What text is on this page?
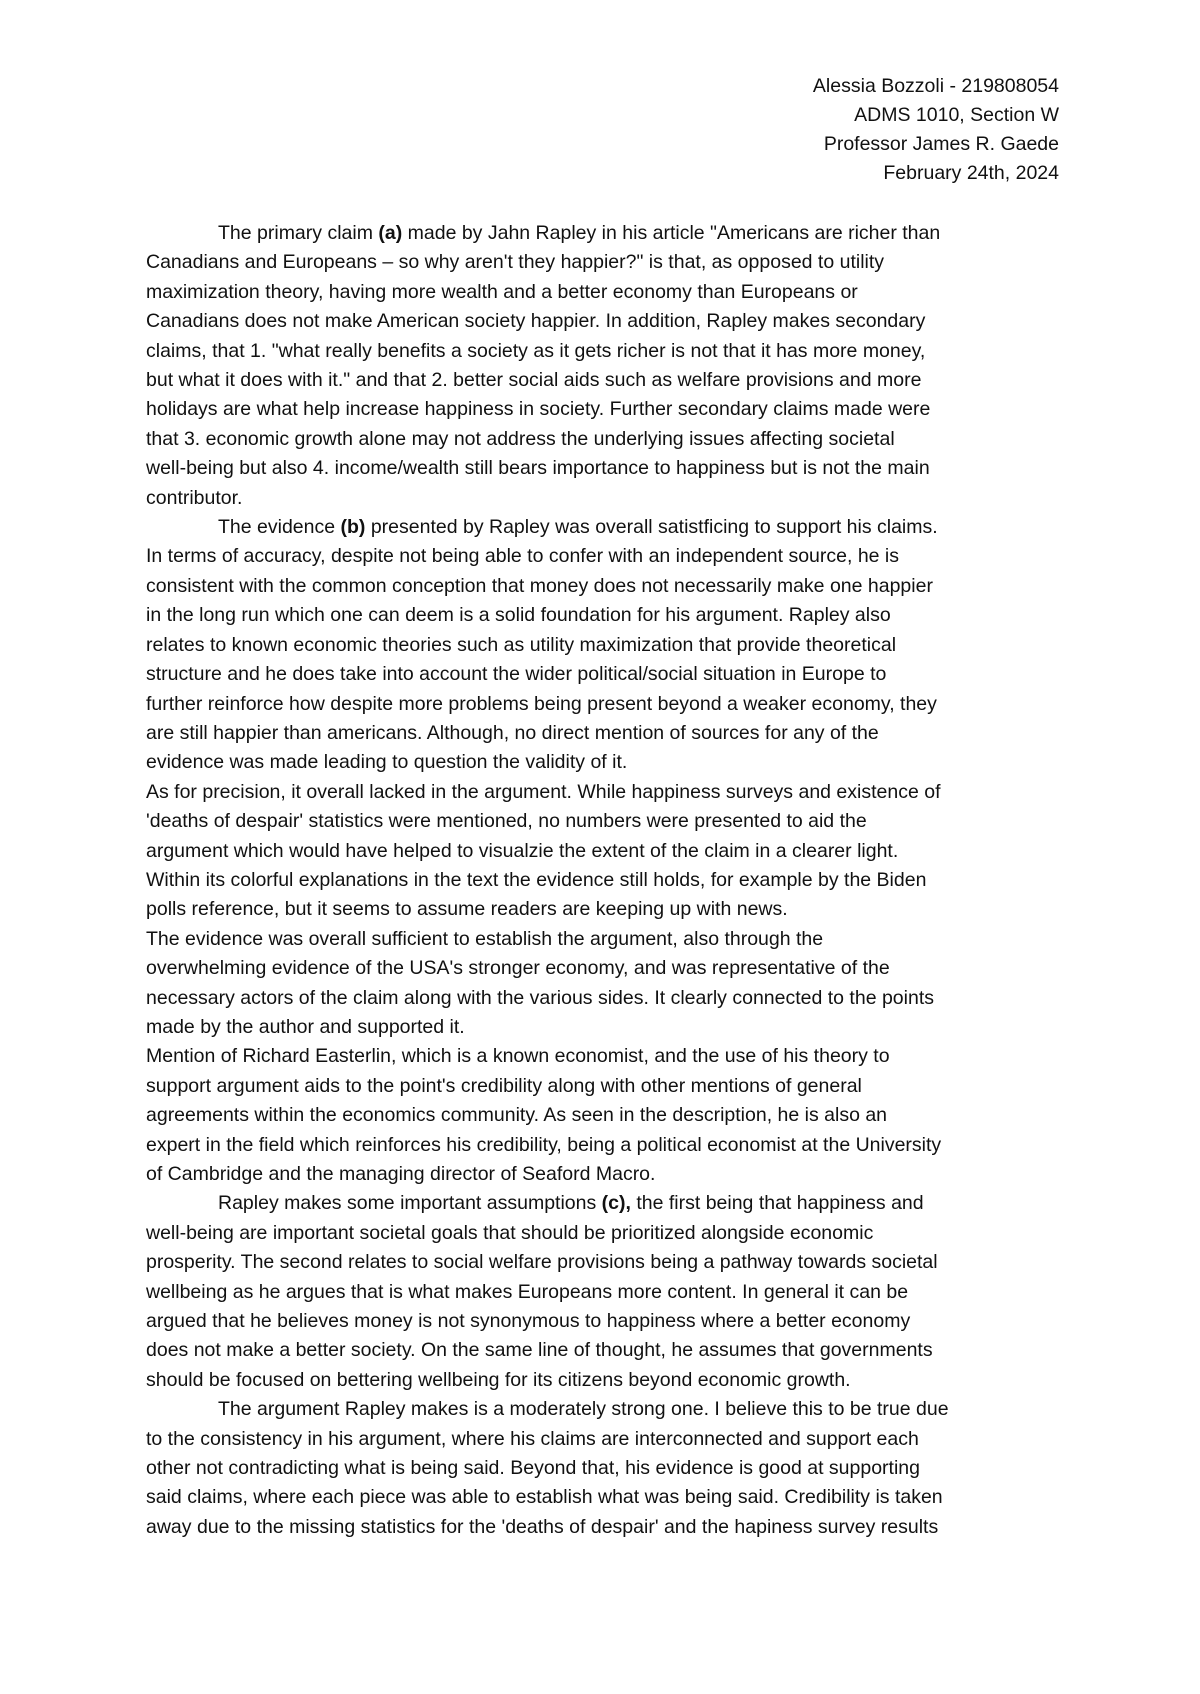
Alessia Bozzoli - 219808054
ADMS 1010, Section W
Professor James R. Gaede
February 24th, 2024
The primary claim (a) made by Jahn Rapley in his article "Americans are richer than
Canadians and Europeans – so why aren't they happier?" is that, as opposed to utility
maximization theory, having more wealth and a better economy than Europeans or
Canadians does not make American society happier. In addition, Rapley makes secondary
claims, that 1. "what really benefits a society as it gets richer is not that it has more money,
but what it does with it." and that 2. better social aids such as welfare provisions and more
holidays are what help increase happiness in society. Further secondary claims made were
that 3. economic growth alone may not address the underlying issues affecting societal
well-being but also 4. income/wealth still bears importance to happiness but is not the main
contributor.
The evidence (b) presented by Rapley was overall satistficing to support his claims.
In terms of accuracy, despite not being able to confer with an independent source, he is
consistent with the common conception that money does not necessarily make one happier
in the long run which one can deem is a solid foundation for his argument. Rapley also
relates to known economic theories such as utility maximization that provide theoretical
structure and he does take into account the wider political/social situation in Europe to
further reinforce how despite more problems being present beyond a weaker economy, they
are still happier than americans. Although, no direct mention of sources for any of the
evidence was made leading to question the validity of it.
As for precision, it overall lacked in the argument. While happiness surveys and existence of
'deaths of despair' statistics were mentioned, no numbers were presented to aid the
argument which would have helped to visualzie the extent of the claim in a clearer light.
Within its colorful explanations in the text the evidence still holds, for example by the Biden
polls reference, but it seems to assume readers are keeping up with news.
The evidence was overall sufficient to establish the argument, also through the
overwhelming evidence of the USA's stronger economy, and was representative of the
necessary actors of the claim along with the various sides. It clearly connected to the points
made by the author and supported it.
Mention of Richard Easterlin, which is a known economist, and the use of his theory to
support argument aids to the point's credibility along with other mentions of general
agreements within the economics community. As seen in the description, he is also an
expert in the field which reinforces his credibility, being a political economist at the University
of Cambridge and the managing director of Seaford Macro.
Rapley makes some important assumptions (c), the first being that happiness and
well-being are important societal goals that should be prioritized alongside economic
prosperity. The second relates to social welfare provisions being a pathway towards societal
wellbeing as he argues that is what makes Europeans more content. In general it can be
argued that he believes money is not synonymous to happiness where a better economy
does not make a better society. On the same line of thought, he assumes that governments
should be focused on bettering wellbeing for its citizens beyond economic growth.
The argument Rapley makes is a moderately strong one. I believe this to be true due
to the consistency in his argument, where his claims are interconnected and support each
other not contradicting what is being said. Beyond that, his evidence is good at supporting
said claims, where each piece was able to establish what was being said. Credibility is taken
away due to the missing statistics for the 'deaths of despair' and the hapiness survey results
